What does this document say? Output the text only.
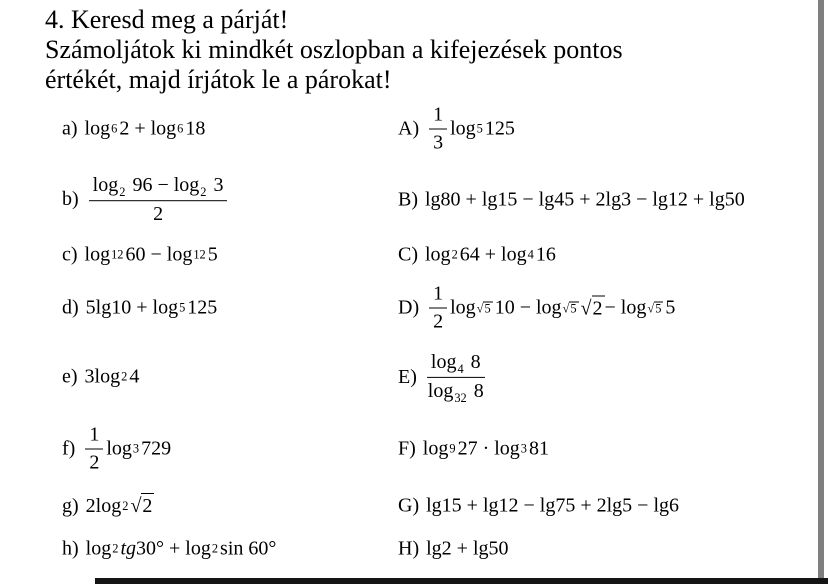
4. Keresd meg a párját!
Számoljátok ki mindkét oszlopban a kifejezések pontos
értékét, majd írjátok le a párokat!
a) log 6 2 + log 6 18
$b) \frac{\log_2 96 - \log_2 3}{2}$
c) log 12 60 − log 12 5
d) 5lg10 + log 5 125
e) 3log 2 4
$f) \frac{1}{2}$ log 3 729
g) 2log 2 √2
h) log 2 tg 30° + log 2 sin 60°
$A) \frac{1}{3}$ log 5 125
B) lg80 + lg15 − lg45 + 2lg3 − lg12 + lg50
C) log 2 64 + log 4 16
$D) \frac{1}{2}$ log √5 10 − log √5 √2 − log √5 5
$E) \frac{\log_4 8}{\log_{32} 8}$
F) log 9 27 · log 3 81
G) lg15 + lg12 − lg75 + 2lg5 − lg6
H) lg2 + lg50
